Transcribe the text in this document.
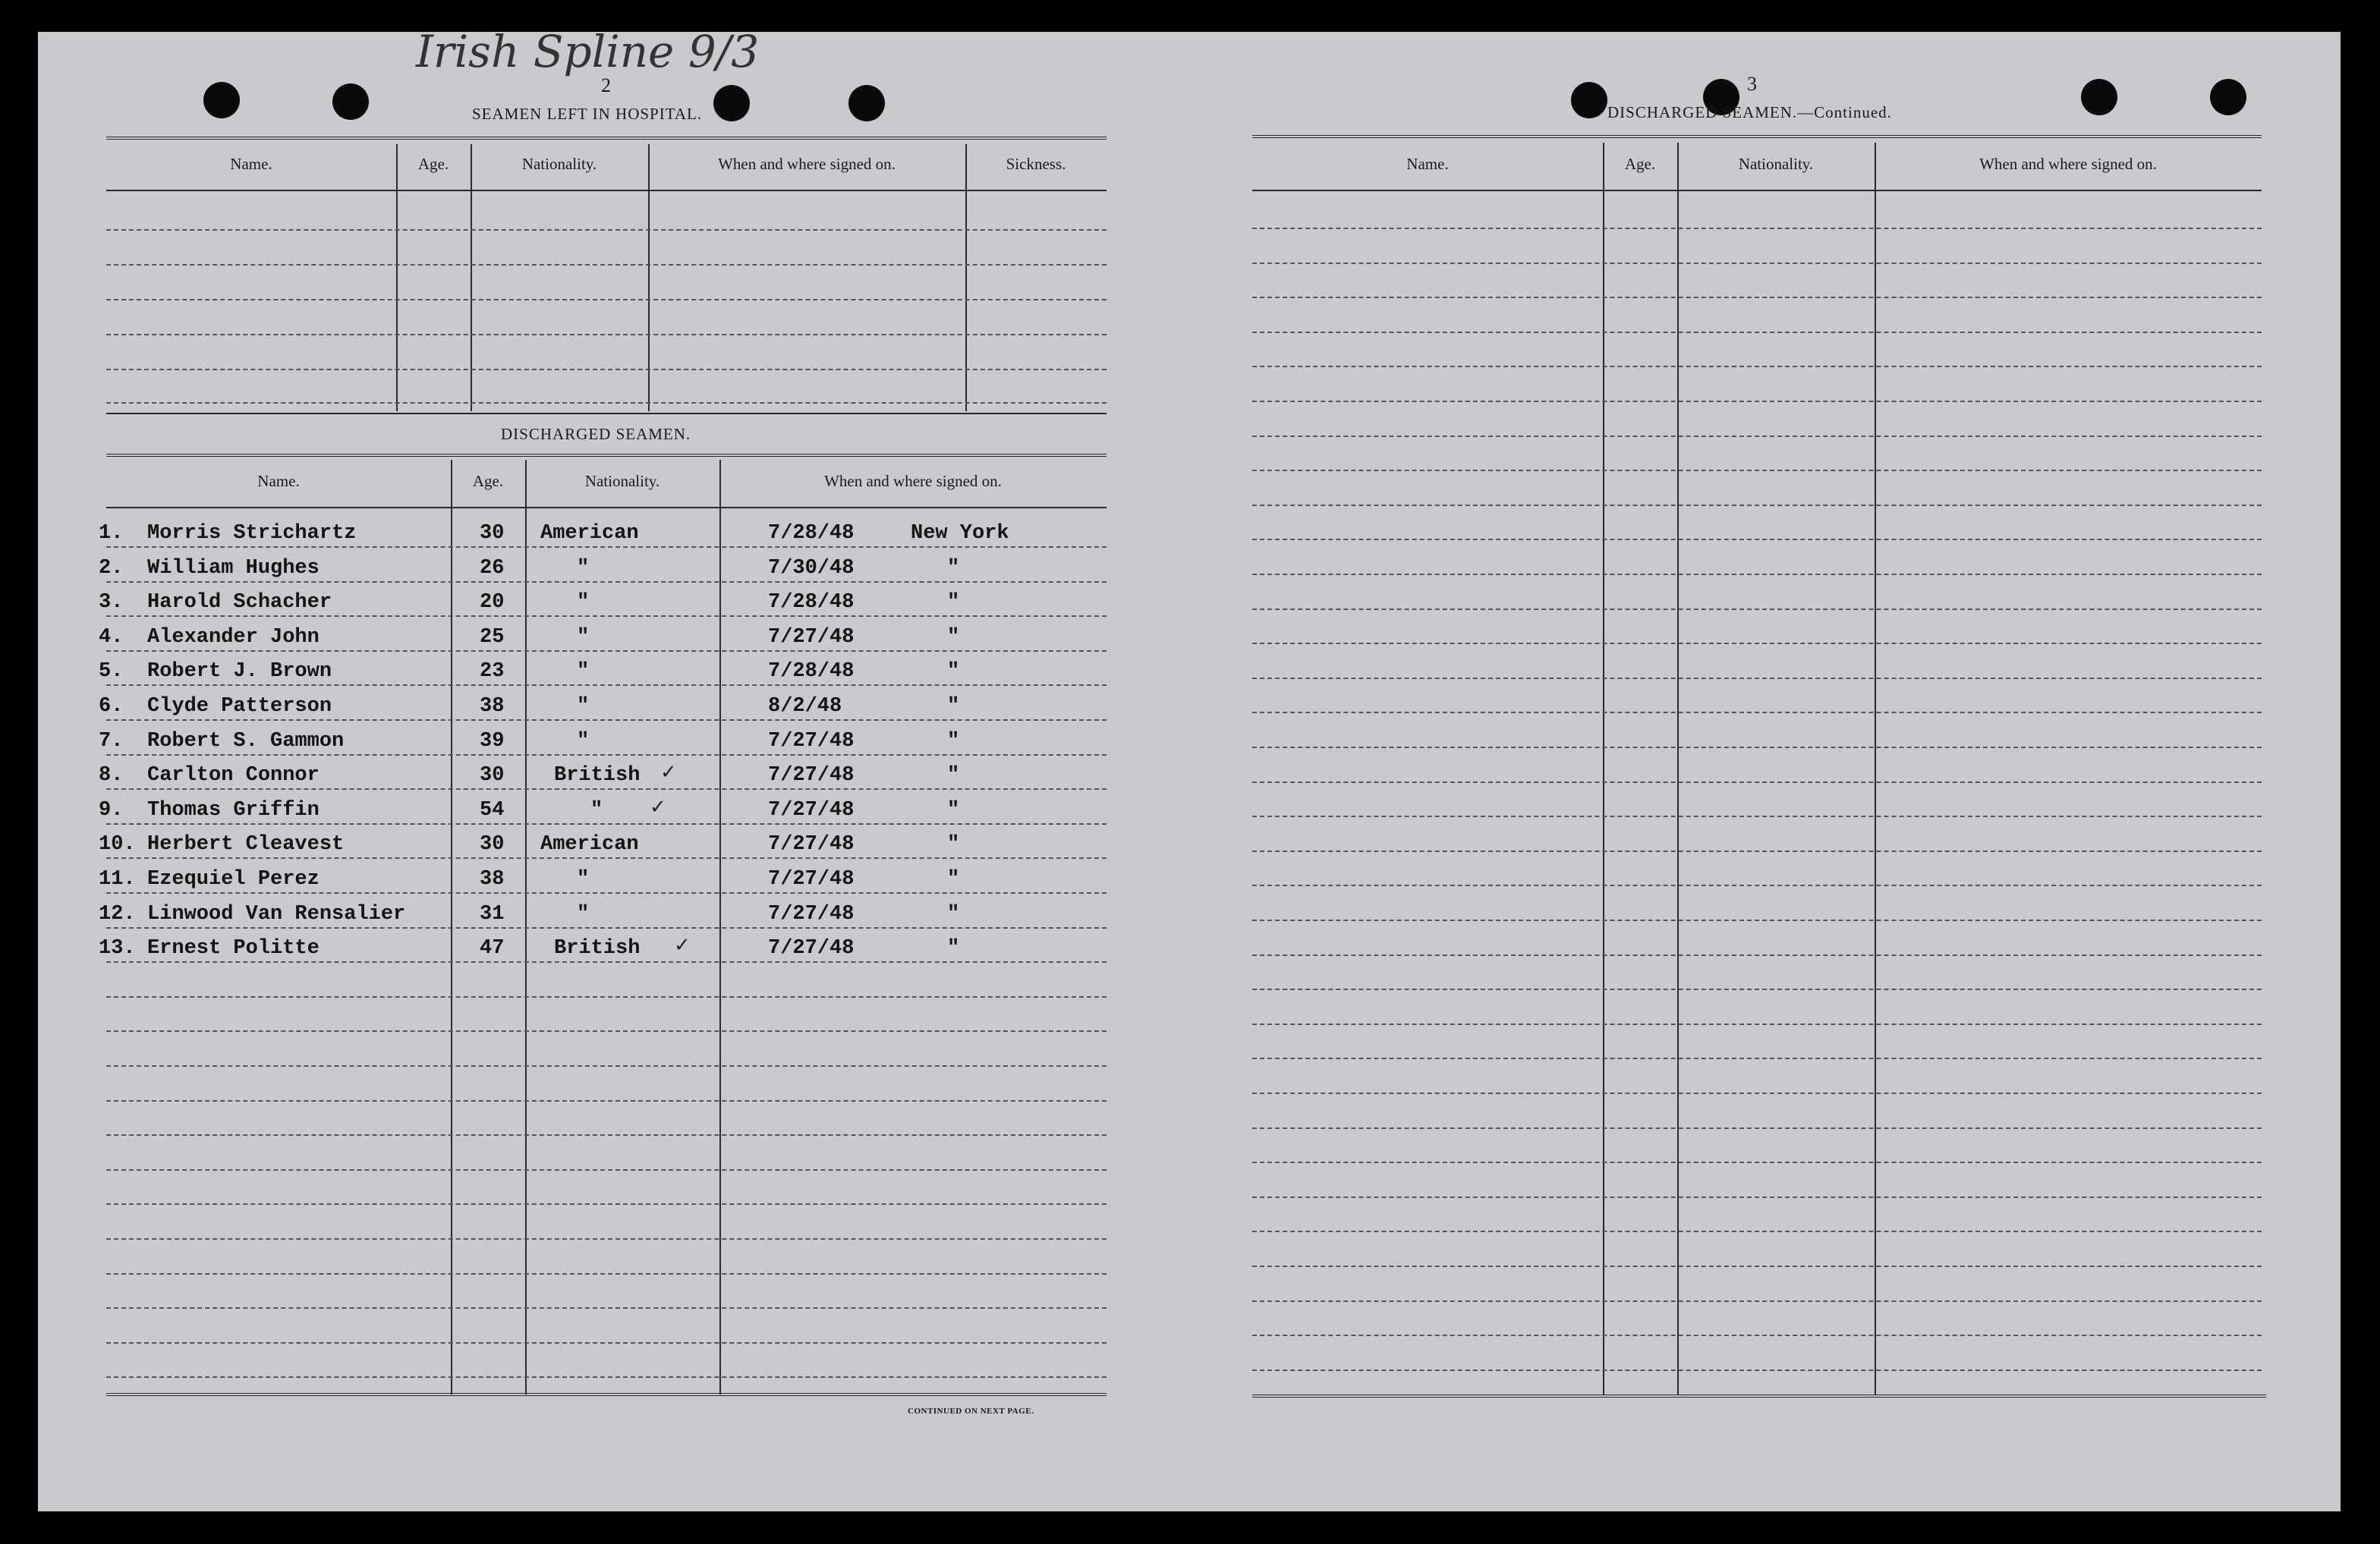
Irish Spline 9/3
2
SEAMEN LEFT IN HOSPITAL.
Name.	Age.	Nationality.	When and where signed on.	Sickness.
DISCHARGED SEAMEN.
Name.	Age.	Nationality.	When and where signed on.
1. Morris Strichartz	30 American	7/28/48	New York
2. William Hughes	26	"	7/30/48	"
3. Harold Schacher	20	"	7/28/48	"
4. Alexander John	25	"	7/27/48	"
5. Robert J. Brown	23	"	7/28/48	"
6. Clyde Patterson	38	"	8/2/48	"
7. Robert S. Gammon	39	"	7/27/48	"
8. Carlton Connor	30 British	7/27/48	"
✓
9. Thomas Griffin	54	"	7/27/48	"
✓
10. Herbert Cleavest	30 American	7/27/48	"
11. Ezequiel Perez	38	"	7/27/48	"
12. Linwood Van Rensalier	31	"	7/27/48	"
13. Ernest Politte	47 British	7/27/48	"
✓
CONTINUED ON NEXT PAGE.
3
DISCHARGED SEAMEN.—Continued.
Name.	Age.	Nationality.	When and where signed on.
